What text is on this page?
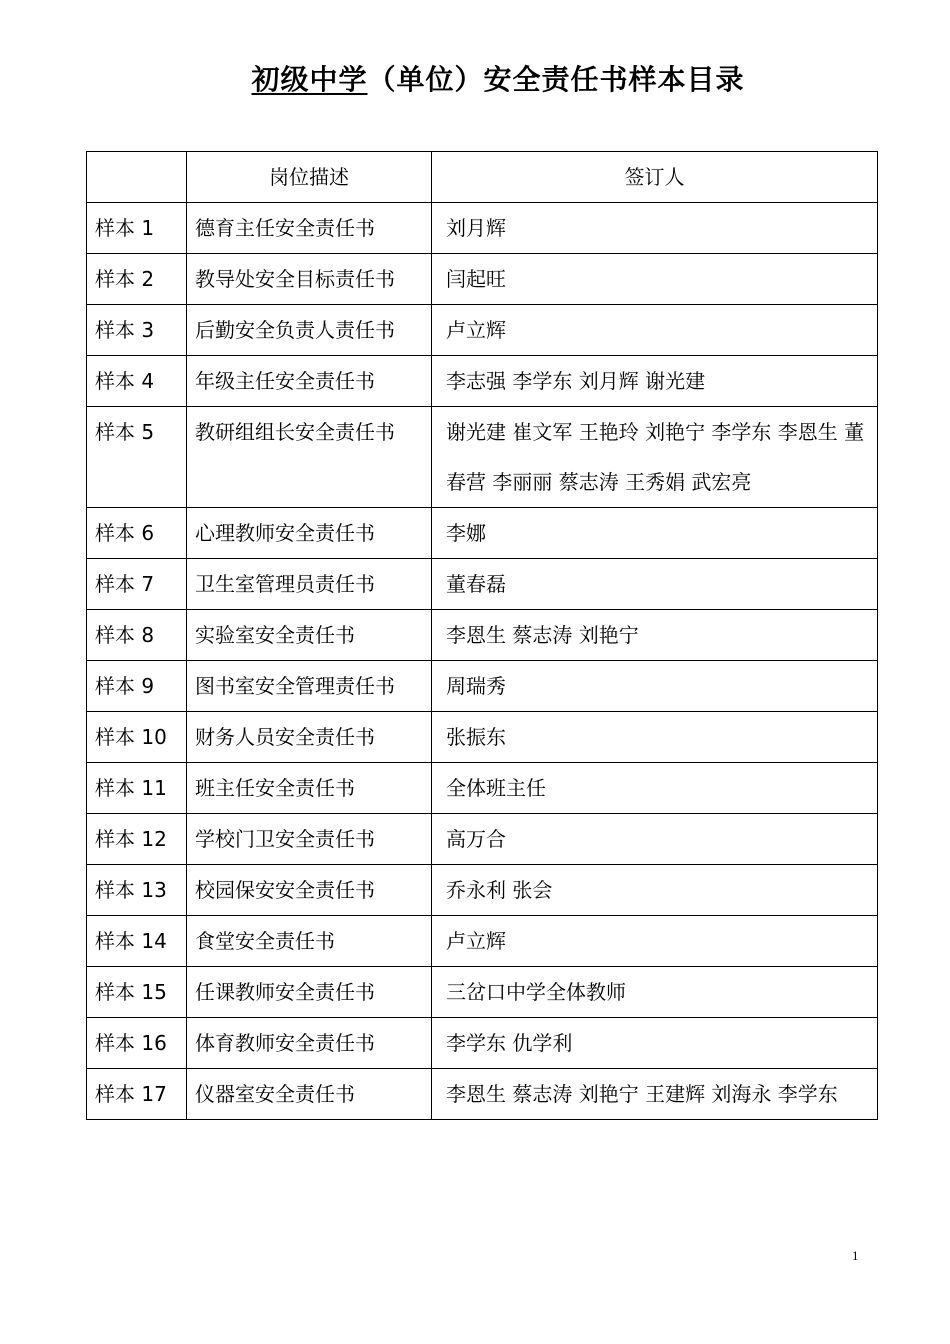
初级中学（单位）安全责任书样本目录
	岗位描述	签订人
样本 1	德育主任安全责任书	刘月辉
样本 2	教导处安全目标责任书	闫起旺
样本 3	后勤安全负责人责任书	卢立辉
样本 4	年级主任安全责任书	李志强 李学东 刘月辉 谢光建
样本 5	教研组组长安全责任书	谢光建 崔文军 王艳玲 刘艳宁 李学东 李恩生 董春营 李丽丽 蔡志涛 王秀娟 武宏亮
样本 6	心理教师安全责任书	李娜
样本 7	卫生室管理员责任书	董春磊
样本 8	实验室安全责任书	李恩生 蔡志涛 刘艳宁
样本 9	图书室安全管理责任书	周瑞秀
样本 10	财务人员安全责任书	张振东
样本 11	班主任安全责任书	全体班主任
样本 12	学校门卫安全责任书	高万合
样本 13	校园保安安全责任书	乔永利 张会
样本 14	食堂安全责任书	卢立辉
样本 15	任课教师安全责任书	三岔口中学全体教师
样本 16	体育教师安全责任书	李学东 仇学利
样本 17	仪器室安全责任书	李恩生 蔡志涛 刘艳宁 王建辉 刘海永 李学东
1
